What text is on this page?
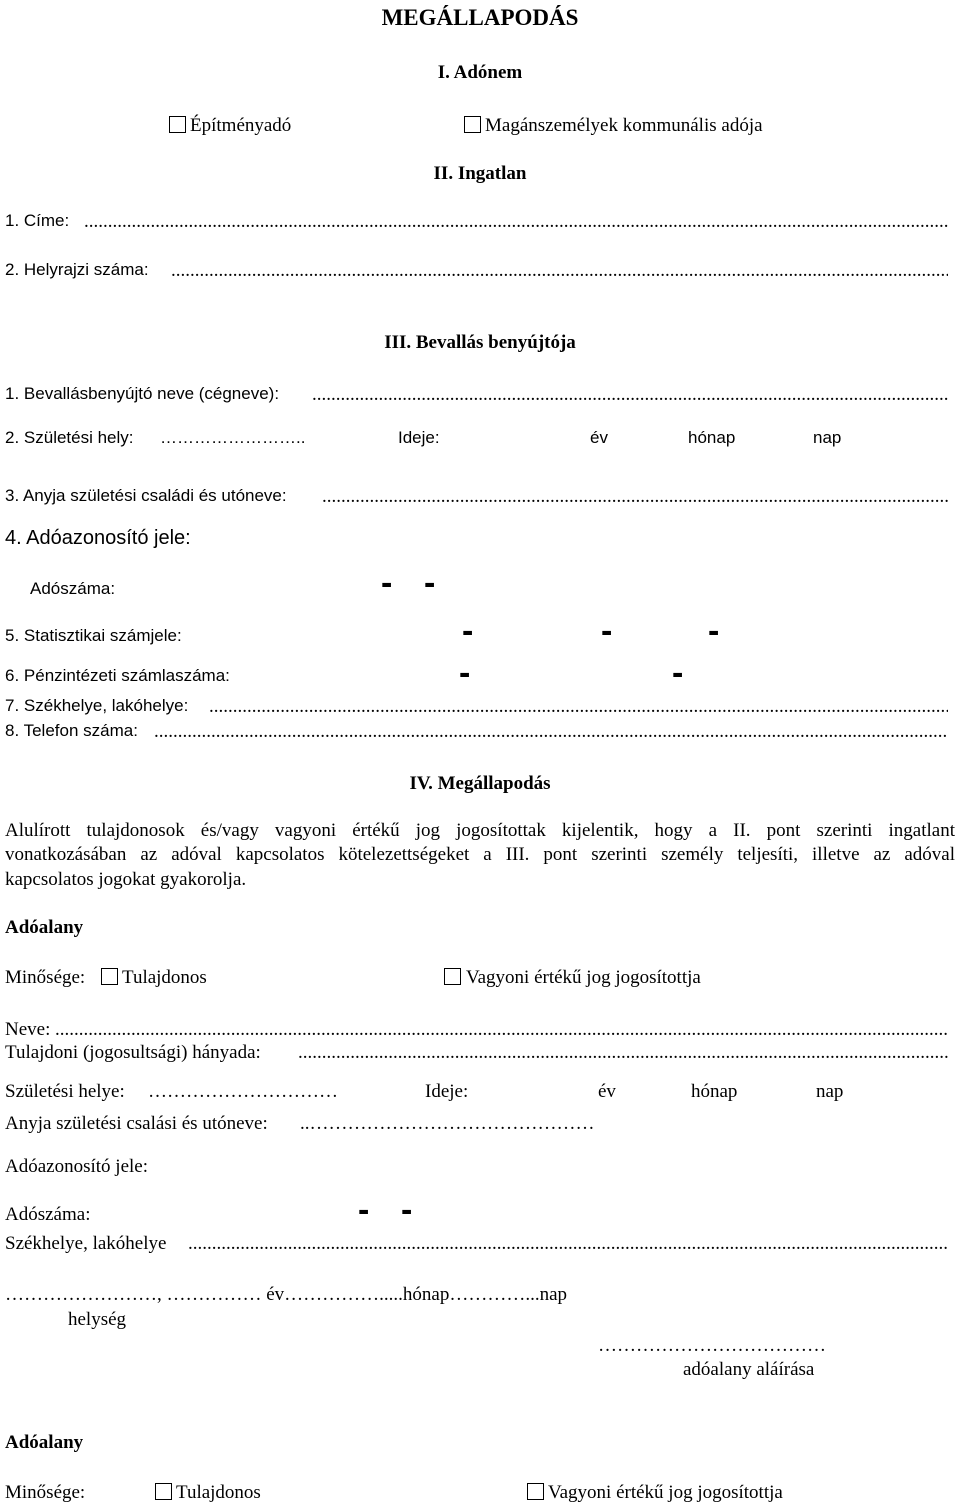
MEGÁLLAPODÁS
I. Adónem
Építményadó	Magánszemélyek kommunális adója
II. Ingatlan
1. Címe:
.....
2. Helyrajzi száma:
.....
III. Bevallás benyújtója
1. Bevallásbenyújtó neve (cégneve):
.....
2. Születési hely: ……………………..	Ideje:	év	hónap	nap
3. Anyja születési családi és utóneve:
.....
4. Adóazonosító jele:
Adószáma:	- -
5. Statisztikai számjele:	-	-	-
6. Pénzintézeti számlaszáma:	-	-
7. Székhelye, lakóhelye:
.....
8. Telefon száma:
.....
IV. Megállapodás
Alulírott tulajdonosok és/vagy vagyoni értékű jog jogosítottak kijelentik, hogy a II. pont szerinti ingatlant
vonatkozásában az adóval kapcsolatos kötelezettségeket a III. pont szerinti személy teljesíti, illetve az adóval
kapcsolatos jogokat gyakorolja.
Adóalany
Minősége: Tulajdonos	Vagyoni értékű jog jogosítottja
Neve:
.....
Tulajdoni (jogosultsági) hányada:
.....
Születési helye: …………………………	Ideje:	év	hónap	nap
Anyja születési csalási és utóneve: ..………………………………………
Adóazonosító jele:
Adószáma:	- -
Székhelye, lakóhelye
.....
……………………, …………… év…………….....hónap…………...nap
helység
………………………………
adóalany aláírása
Adóalany
Minősége:	Tulajdonos	Vagyoni értékű jog jogosítottja
